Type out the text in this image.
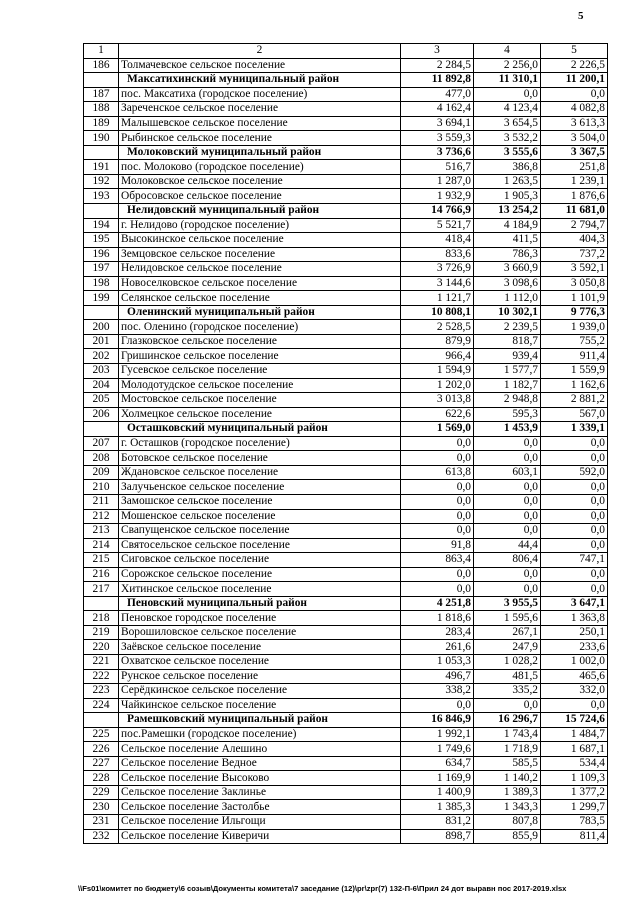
5
1	2	3	4	5
186	Толмачевское сельское поселение	2 284,5	2 256,0	2 226,5
	Максатихинский муниципальный район	11 892,8	11 310,1	11 200,1
187	пос. Максатиха (городское поселение)	477,0	0,0	0,0
188	Зареченское сельское поселение	4 162,4	4 123,4	4 082,8
189	Малышевское сельское поселение	3 694,1	3 654,5	3 613,3
190	Рыбинское сельское поселение	3 559,3	3 532,2	3 504,0
	Молоковский муниципальный район	3 736,6	3 555,6	3 367,5
191	пос. Молоково (городское поселение)	516,7	386,8	251,8
192	Молоковское сельское поселение	1 287,0	1 263,5	1 239,1
193	Обросовское сельское поселение	1 932,9	1 905,3	1 876,6
	Нелидовский муниципальный район	14 766,9	13 254,2	11 681,0
194	г. Нелидово (городское поселение)	5 521,7	4 184,9	2 794,7
195	Высокинское сельское поселение	418,4	411,5	404,3
196	Земцовское сельское поселение	833,6	786,3	737,2
197	Нелидовское сельское поселение	3 726,9	3 660,9	3 592,1
198	Новоселковское сельское поселение	3 144,6	3 098,6	3 050,8
199	Селянское сельское поселение	1 121,7	1 112,0	1 101,9
	Оленинский муниципальный район	10 808,1	10 302,1	9 776,3
200	пос. Оленино (городское поселение)	2 528,5	2 239,5	1 939,0
201	Глазковское сельское поселение	879,9	818,7	755,2
202	Гришинское сельское поселение	966,4	939,4	911,4
203	Гусевское сельское поселение	1 594,9	1 577,7	1 559,9
204	Молодотудское сельское поселение	1 202,0	1 182,7	1 162,6
205	Мостовское сельское поселение	3 013,8	2 948,8	2 881,2
206	Холмецкое сельское поселение	622,6	595,3	567,0
	Осташковский муниципальный район	1 569,0	1 453,9	1 339,1
207	г. Осташков (городское поселение)	0,0	0,0	0,0
208	Ботовское сельское поселение	0,0	0,0	0,0
209	Ждановское сельское поселение	613,8	603,1	592,0
210	Залучьенское сельское поселение	0,0	0,0	0,0
211	Замошское сельское поселение	0,0	0,0	0,0
212	Мошенское сельское поселение	0,0	0,0	0,0
213	Свапущенское сельское поселение	0,0	0,0	0,0
214	Святосельское сельское поселение	91,8	44,4	0,0
215	Сиговское сельское поселение	863,4	806,4	747,1
216	Сорожское сельское поселение	0,0	0,0	0,0
217	Хитинское сельское поселение	0,0	0,0	0,0
	Пеновский муниципальный район	4 251,8	3 955,5	3 647,1
218	Пеновское городское поселение	1 818,6	1 595,6	1 363,8
219	Ворошиловское сельское поселение	283,4	267,1	250,1
220	Заёвское сельское поселение	261,6	247,9	233,6
221	Охватское сельское поселение	1 053,3	1 028,2	1 002,0
222	Рунское сельское поселение	496,7	481,5	465,6
223	Серёдкинское сельское поселение	338,2	335,2	332,0
224	Чайкинское сельское поселение	0,0	0,0	0,0
	Рамешковский муниципальный район	16 846,9	16 296,7	15 724,6
225	пос.Рамешки (городское поселение)	1 992,1	1 743,4	1 484,7
226	Сельское поселение Алешино	1 749,6	1 718,9	1 687,1
227	Сельское поселение Ведное	634,7	585,5	534,4
228	Сельское поселение Высоково	1 169,9	1 140,2	1 109,3
229	Сельское поселение Заклинье	1 400,9	1 389,3	1 377,2
230	Сельское поселение Застолбье	1 385,3	1 343,3	1 299,7
231	Сельское поселение Ильгощи	831,2	807,8	783,5
232	Сельское поселение Киверичи	898,7	855,9	811,4
\\Fs01\комитет по бюджету\6 созыв\Документы комитета\7 заседание (12)\рr\zpr(7) 132-П-6\Прил 24 дот выравн пос 2017-2019.xlsx
